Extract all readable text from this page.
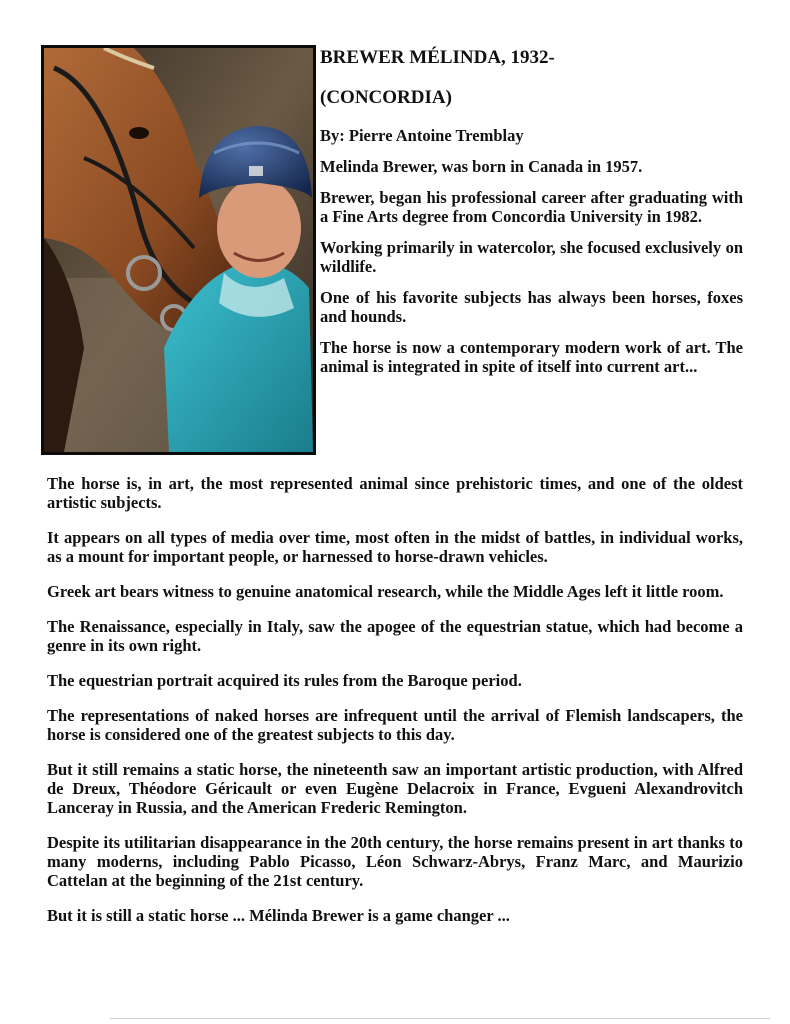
BREWER MÉLINDA, 1932-

(CONCORDIA)

By: Pierre Antoine Tremblay

Melinda Brewer, was born in Canada in 1957.

Brewer, began his professional career after graduating with a Fine Arts degree from Concordia University in 1982.

Working primarily in watercolor, she focused exclusively on wildlife.

One of his favorite subjects has always been horses, foxes and hounds.

The horse is now a contemporary modern work of art. The animal is integrated in spite of itself into current art...

The horse is, in art, the most represented animal since prehistoric times, and one of the oldest artistic subjects.

It appears on all types of media over time, most often in the midst of battles, in individual works, as a mount for important people, or harnessed to horse-drawn vehicles.

Greek art bears witness to genuine anatomical research, while the Middle Ages left it little room.

The Renaissance, especially in Italy, saw the apogee of the equestrian statue, which had become a genre in its own right.

The equestrian portrait acquired its rules from the Baroque period.

The representations of naked horses are infrequent until the arrival of Flemish landscapers, the horse is considered one of the greatest subjects to this day.

But it still remains a static horse, the nineteenth saw an important artistic production, with Alfred de Dreux, Théodore Géricault or even Eugène Delacroix in France, Evgueni Alexandrovitch Lanceray in Russia, and the American Frederic Remington.

Despite its utilitarian disappearance in the 20th century, the horse remains present in art thanks to many moderns, including Pablo Picasso, Léon Schwarz-Abrys, Franz Marc, and Maurizio Cattelan at the beginning of the 21st century.

But it is still a static horse ... Mélinda Brewer is a game changer ...
